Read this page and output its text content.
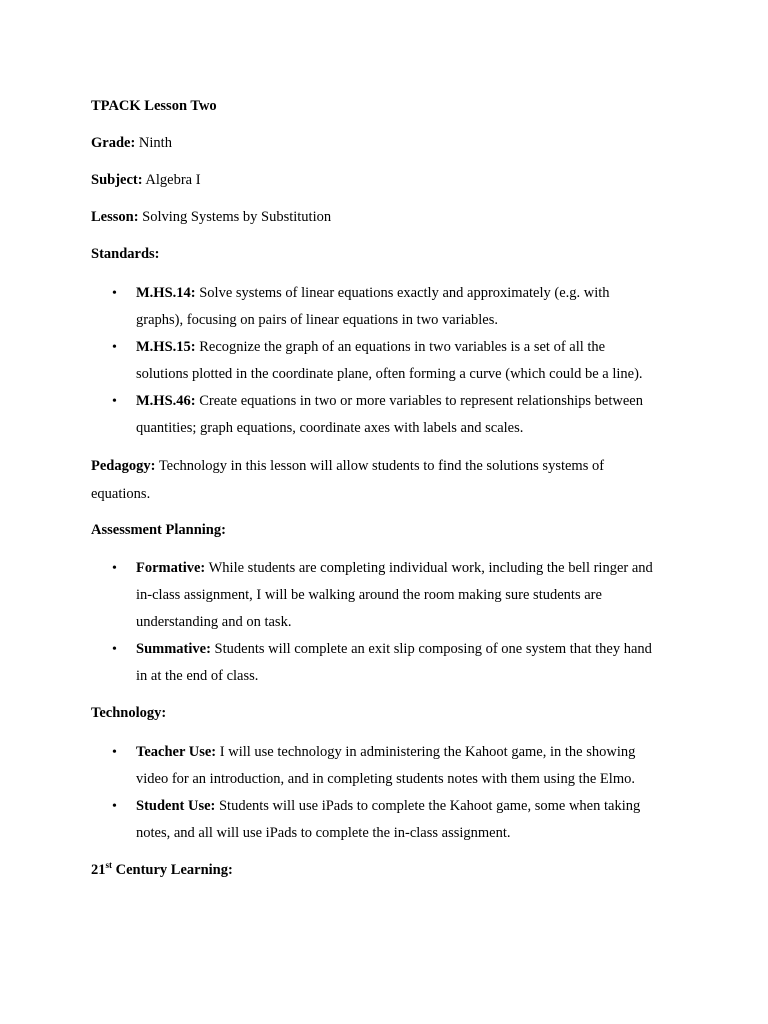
TPACK Lesson Two

Grade: Ninth

Subject: Algebra I

Lesson: Solving Systems by Substitution

Standards:

• M.HS.14: Solve systems of linear equations exactly and approximately (e.g. with
graphs), focusing on pairs of linear equations in two variables.
• M.HS.15: Recognize the graph of an equations in two variables is a set of all the
solutions plotted in the coordinate plane, often forming a curve (which could be a line).
• M.HS.46: Create equations in two or more variables to represent relationships between
quantities; graph equations, coordinate axes with labels and scales.
Pedagogy: Technology in this lesson will allow students to find the solutions systems of
equations.

Assessment Planning:

• Formative: While students are completing individual work, including the bell ringer and
in-class assignment, I will be walking around the room making sure students are
understanding and on task.
• Summative: Students will complete an exit slip composing of one system that they hand
in at the end of class.

Technology:

• Teacher Use: I will use technology in administering the Kahoot game, in the showing
video for an introduction, and in completing students notes with them using the Elmo.
• Student Use: Students will use iPads to complete the Kahoot game, some when taking
notes, and all will use iPads to complete the in-class assignment.

21st Century Learning:
